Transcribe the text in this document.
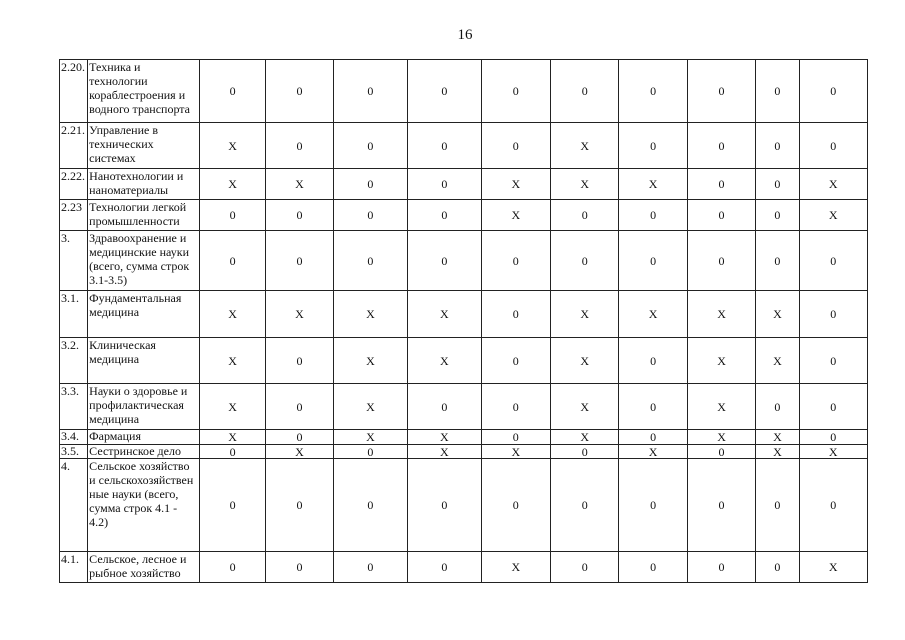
16
2.20.	Техника и технологии кораблестроения и водного транспорта	0	0	0	0	0	0	0	0	0	0
2.21.	Управление в технических системах	X	0	0	0	0	X	0	0	0	0
2.22.	Нанотехнологии и наноматериалы	X	X	0	0	X	X	X	0	0	X
2.23	Технологии легкой промышленности	0	0	0	0	X	0	0	0	0	X
3.	Здравоохранение и медицинские науки (всего, сумма строк 3.1-3.5)	0	0	0	0	0	0	0	0	0	0
3.1.	Фундаментальная медицина	X	X	X	X	0	X	X	X	X	0
3.2.	Клиническая медицина	X	0	X	X	0	X	0	X	X	0
3.3.	Науки о здоровье и профилактическая медицина	X	0	X	0	0	X	0	X	0	0
3.4.	Фармация	X	0	X	X	0	X	0	X	X	0
3.5.	Сестринское дело	0	X	0	X	X	0	X	0	X	X
4.	Сельское хозяйство и сельскохозяйствен ные науки (всего, сумма строк 4.1 - 4.2)	0	0	0	0	0	0	0	0	0	0
4.1.	Сельское, лесное и рыбное хозяйство	0	0	0	0	X	0	0	0	0	X
